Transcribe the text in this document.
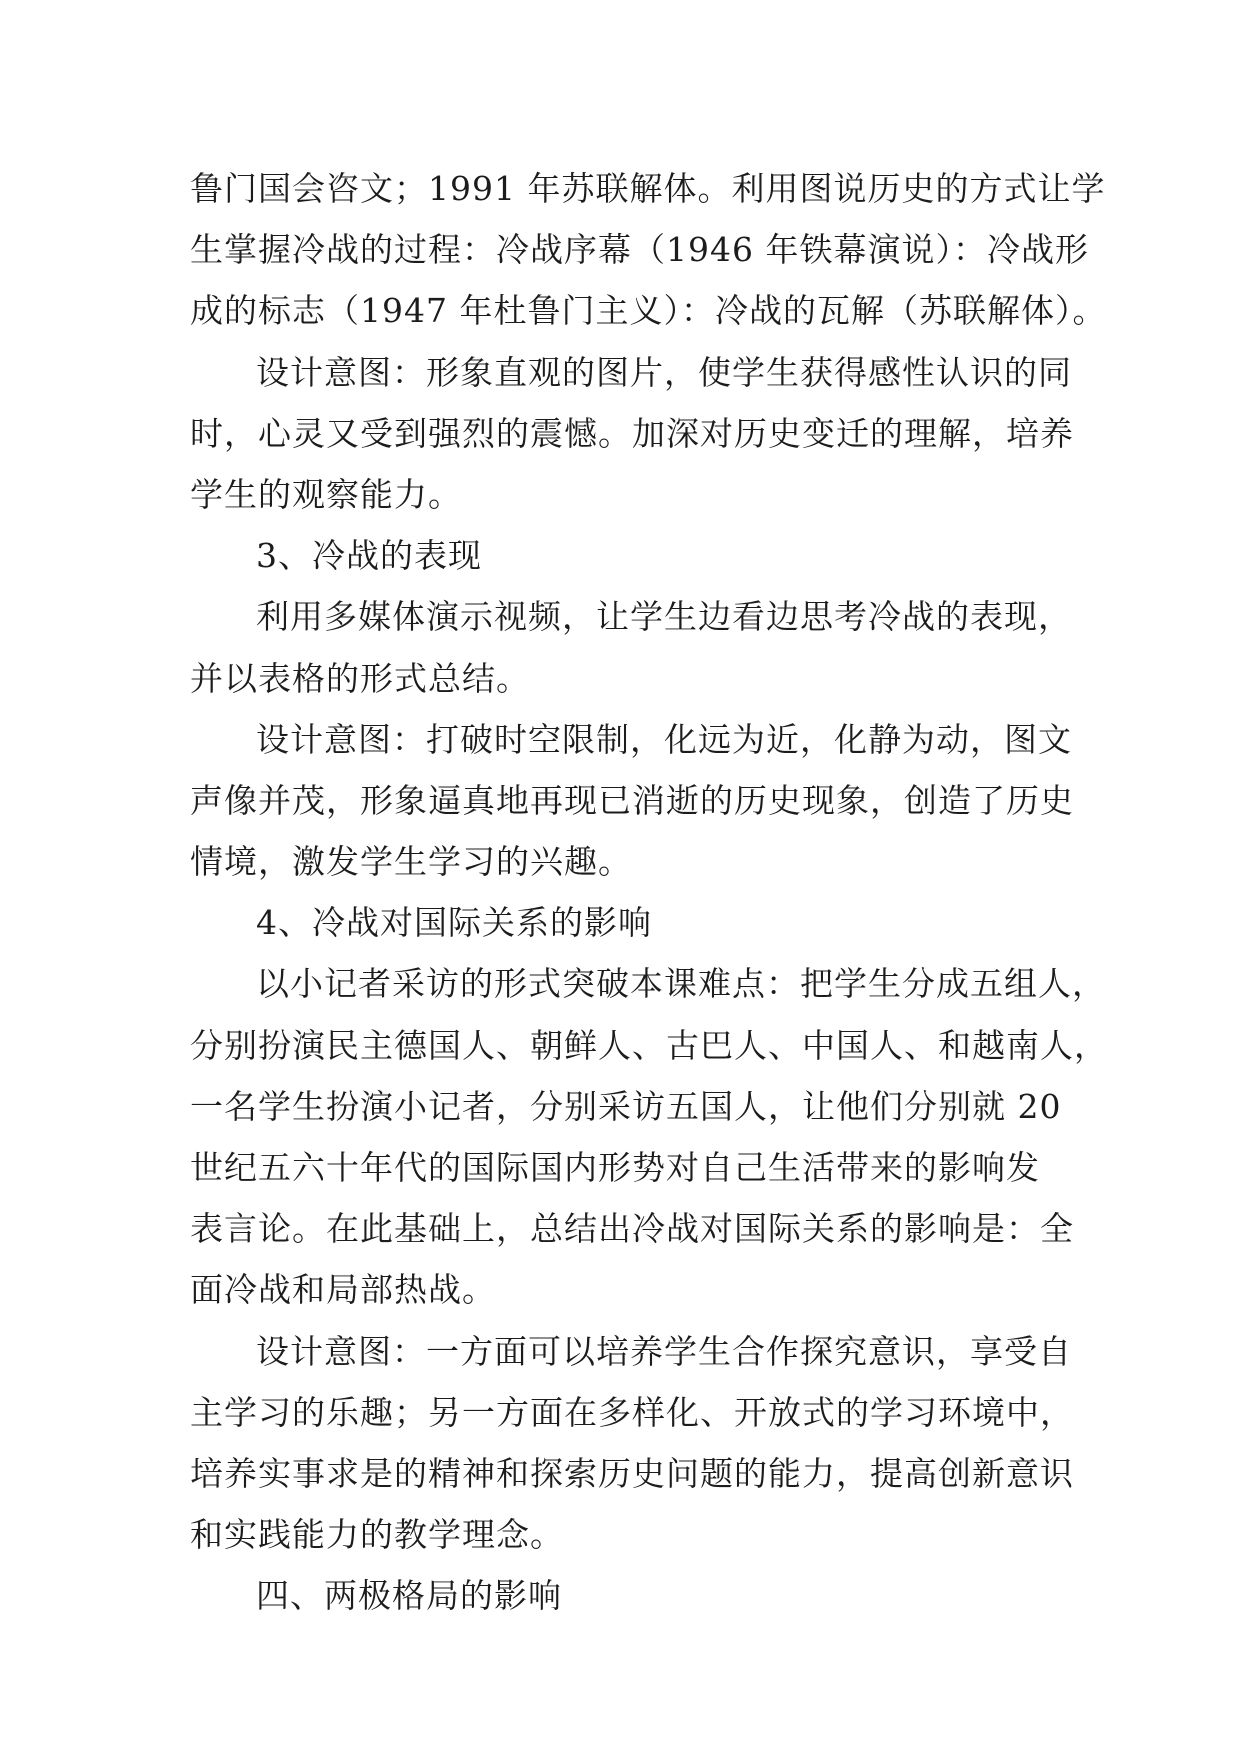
鲁门国会咨文；1991 年苏联解体。利用图说历史的方式让学
生掌握冷战的过程：冷战序幕（1946 年铁幕演说）：冷战形
成的标志（1947 年杜鲁门主义）：冷战的瓦解（苏联解体）。
设计意图：形象直观的图片，使学生获得感性认识的同
时，心灵又受到强烈的震憾。加深对历史变迁的理解，培养
学生的观察能力。
3、冷战的表现
利用多媒体演示视频，让学生边看边思考冷战的表现，
并以表格的形式总结。
设计意图：打破时空限制，化远为近，化静为动，图文
声像并茂，形象逼真地再现已消逝的历史现象，创造了历史
情境，激发学生学习的兴趣。
4、冷战对国际关系的影响
以小记者采访的形式突破本课难点：把学生分成五组人，
分别扮演民主德国人、朝鲜人、古巴人、中国人、和越南人，
一名学生扮演小记者，分别采访五国人，让他们分别就 20
世纪五六十年代的国际国内形势对自己生活带来的影响发
表言论。在此基础上，总结出冷战对国际关系的影响是：全
面冷战和局部热战。
设计意图：一方面可以培养学生合作探究意识，享受自
主学习的乐趣；另一方面在多样化、开放式的学习环境中，
培养实事求是的精神和探索历史问题的能力，提高创新意识
和实践能力的教学理念。
四、两极格局的影响
